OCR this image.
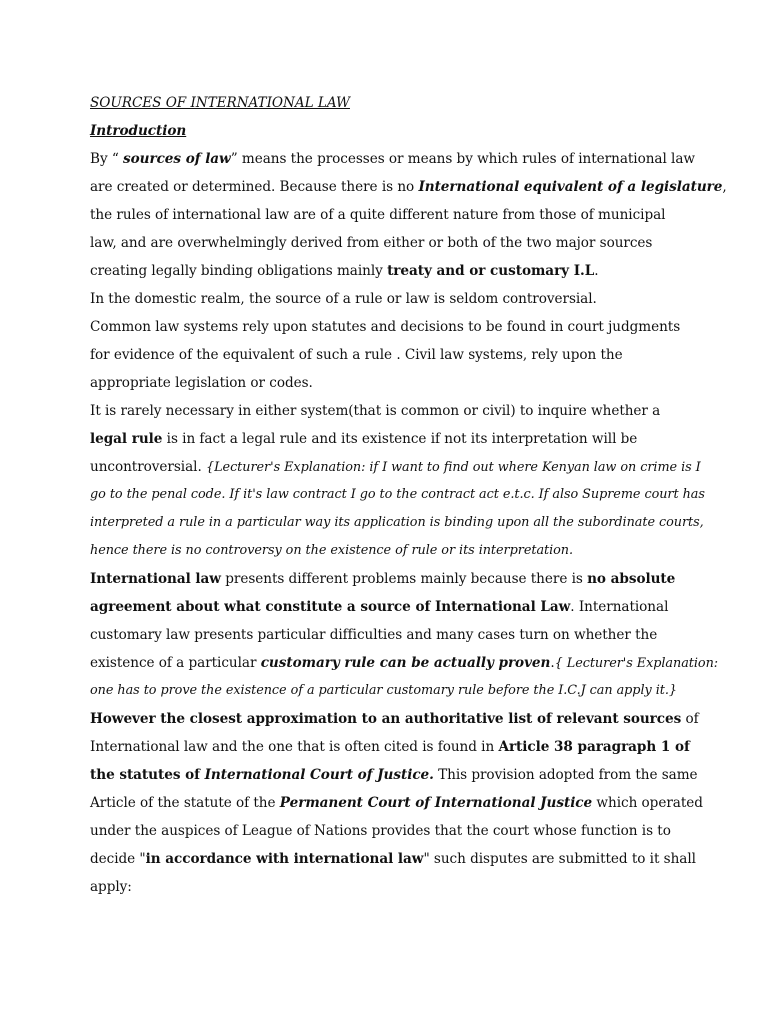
SOURCES OF INTERNATIONAL LAW
Introduction
By “ sources of law” means the processes or means by which rules of international law
are created or determined. Because there is no International equivalent of a legislature,
the rules of international law are of a quite different nature from those of municipal
law, and are overwhelmingly derived from either or both of the two major sources
creating legally binding obligations mainly treaty and or customary I.L.
In the domestic realm, the source of a rule or law is seldom controversial.
Common law systems rely upon statutes and decisions to be found in court judgments
for evidence of the equivalent of such a rule . Civil law systems, rely upon the
appropriate legislation or codes.
It is rarely necessary in either system(that is common or civil) to inquire whether a
legal rule is in fact a legal rule and its existence if not its interpretation will be
uncontroversial. {Lecturer's Explanation: if I want to find out where Kenyan law on crime is I
go to the penal code. If it's law contract I go to the contract act e.t.c. If also Supreme court has
interpreted a rule in a particular way its application is binding upon all the subordinate courts,
hence there is no controversy on the existence of rule or its interpretation.
International law presents different problems mainly because there is no absolute
agreement about what constitute a source of International Law. International
customary law presents particular difficulties and many cases turn on whether the
existence of a particular customary rule can be actually proven.{ Lecturer's Explanation:
one has to prove the existence of a particular customary rule before the I.C.J can apply it.}
However the closest approximation to an authoritative list of relevant sources of
International law and the one that is often cited is found in Article 38 paragraph 1 of
the statutes of International Court of Justice. This provision adopted from the same
Article of the statute of the Permanent Court of International Justice which operated
under the auspices of League of Nations provides that the court whose function is to
decide "in accordance with international law" such disputes are submitted to it shall
apply:
